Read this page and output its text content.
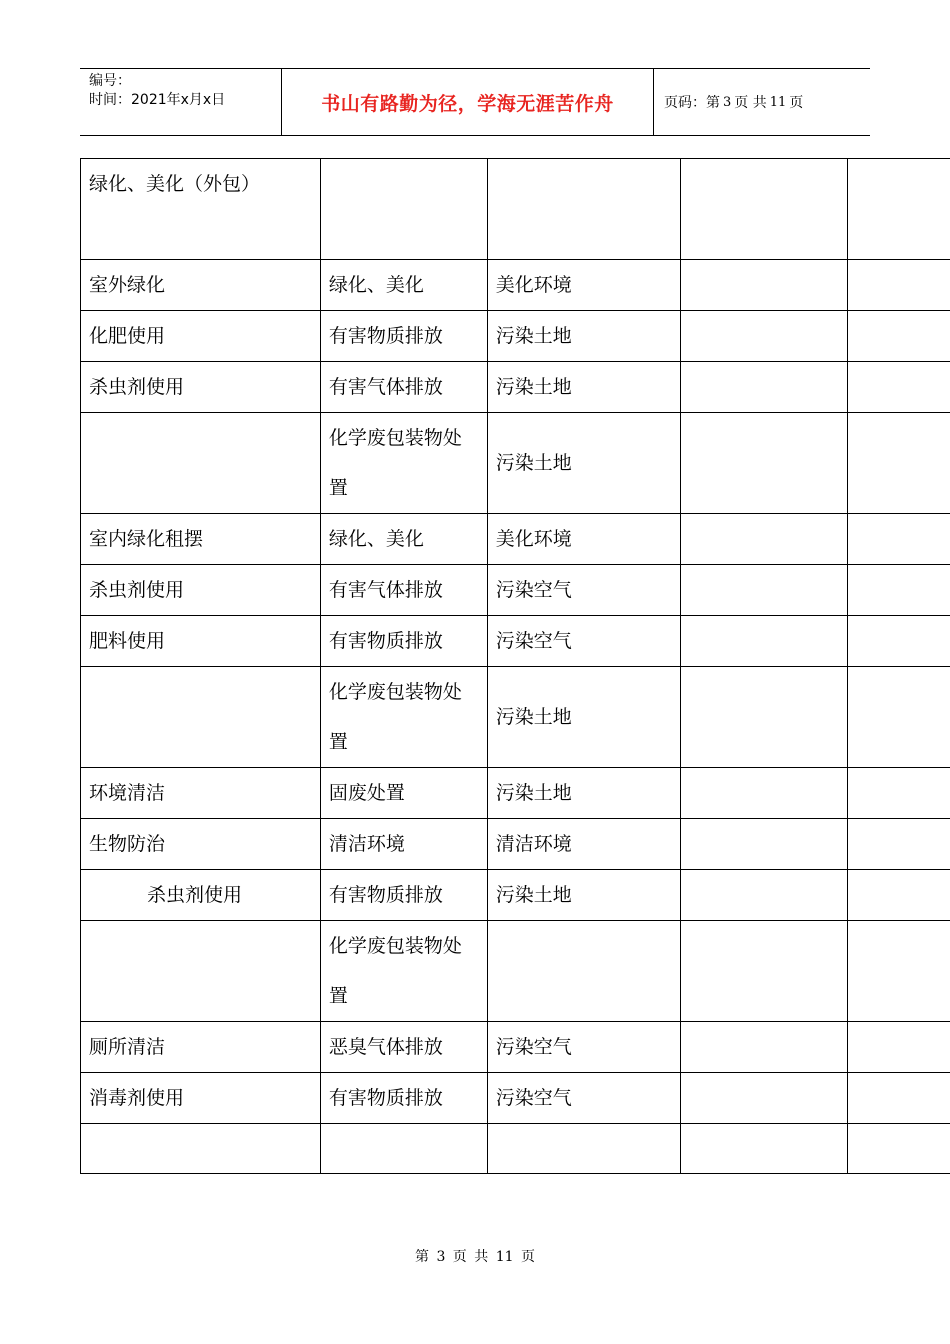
编号：
时间：2021年x月x日	书山有路勤为径，学海无涯苦作舟	页码：第 3 页 共 11 页
绿化、美化（外包）				
室外绿化	绿化、美化	美化环境		
化肥使用	有害物质排放	污染土地		
杀虫剂使用	有害气体排放	污染土地		
	化学废包装物处置	污染土地		
室内绿化租摆	绿化、美化	美化环境		
杀虫剂使用	有害气体排放	污染空气		
肥料使用	有害物质排放	污染空气		
	化学废包装物处置	污染土地		
环境清洁	固废处置	污染土地		
生物防治	清洁环境	清洁环境		
杀虫剂使用	有害物质排放	污染土地		
	化学废包装物处置			
厕所清洁	恶臭气体排放	污染空气		
消毒剂使用	有害物质排放	污染空气		

第 3 页 共 11 页
